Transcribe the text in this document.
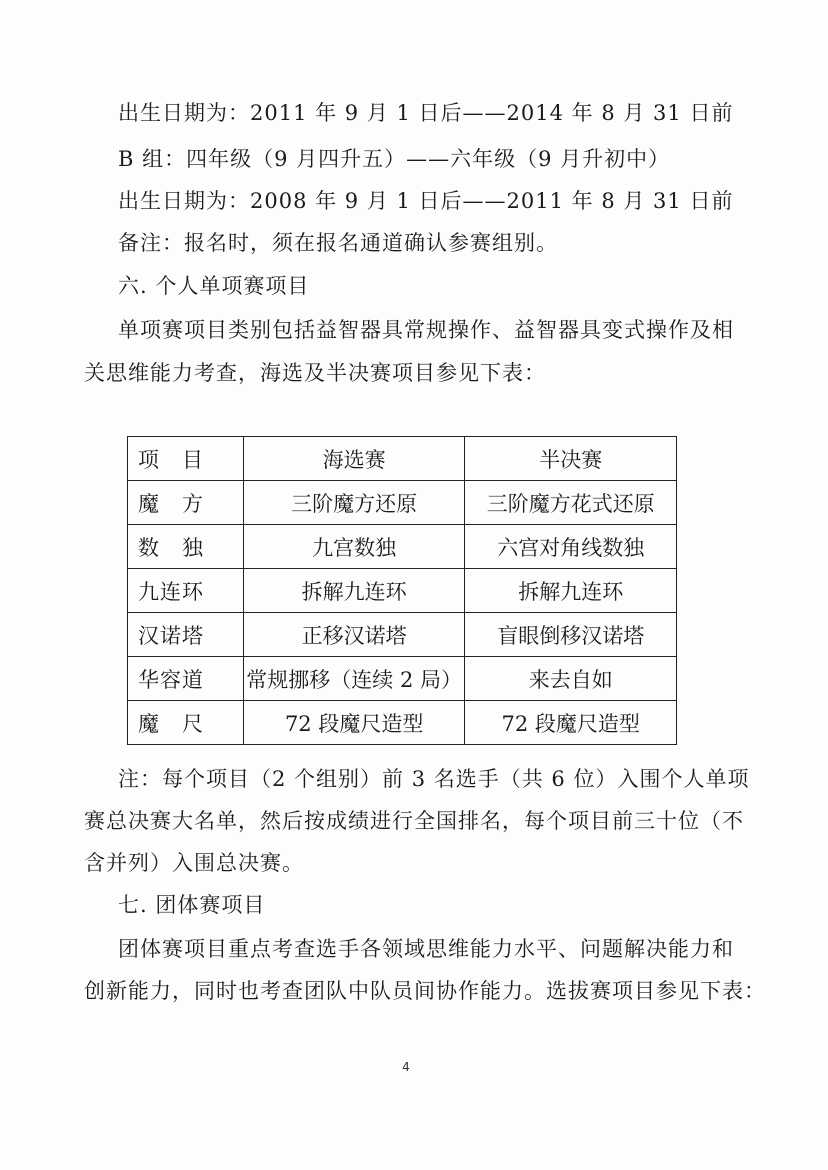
出生日期为：2011 年 9 月 1 日后——2014 年 8 月 31 日前
B 组：四年级（9 月四升五）——六年级（9 月升初中）
出生日期为：2008 年 9 月 1 日后——2011 年 8 月 31 日前
备注：报名时，须在报名通道确认参赛组别。
六. 个人单项赛项目
单项赛项目类别包括益智器具常规操作、益智器具变式操作及相
关思维能力考查，海选及半决赛项目参见下表：
项　目	海选赛	半决赛
魔　方	三阶魔方还原	三阶魔方花式还原
数　独	九宫数独	六宫对角线数独
九连环	拆解九连环	拆解九连环
汉诺塔	正移汉诺塔	盲眼倒移汉诺塔
华容道	常规挪移（连续 2 局）	来去自如
魔　尺	72 段魔尺造型	72 段魔尺造型
注：每个项目（2 个组别）前 3 名选手（共 6 位）入围个人单项
赛总决赛大名单，然后按成绩进行全国排名，每个项目前三十位（不
含并列）入围总决赛。
七. 团体赛项目
团体赛项目重点考查选手各领域思维能力水平、问题解决能力和
创新能力，同时也考查团队中队员间协作能力。选拔赛项目参见下表：
4
